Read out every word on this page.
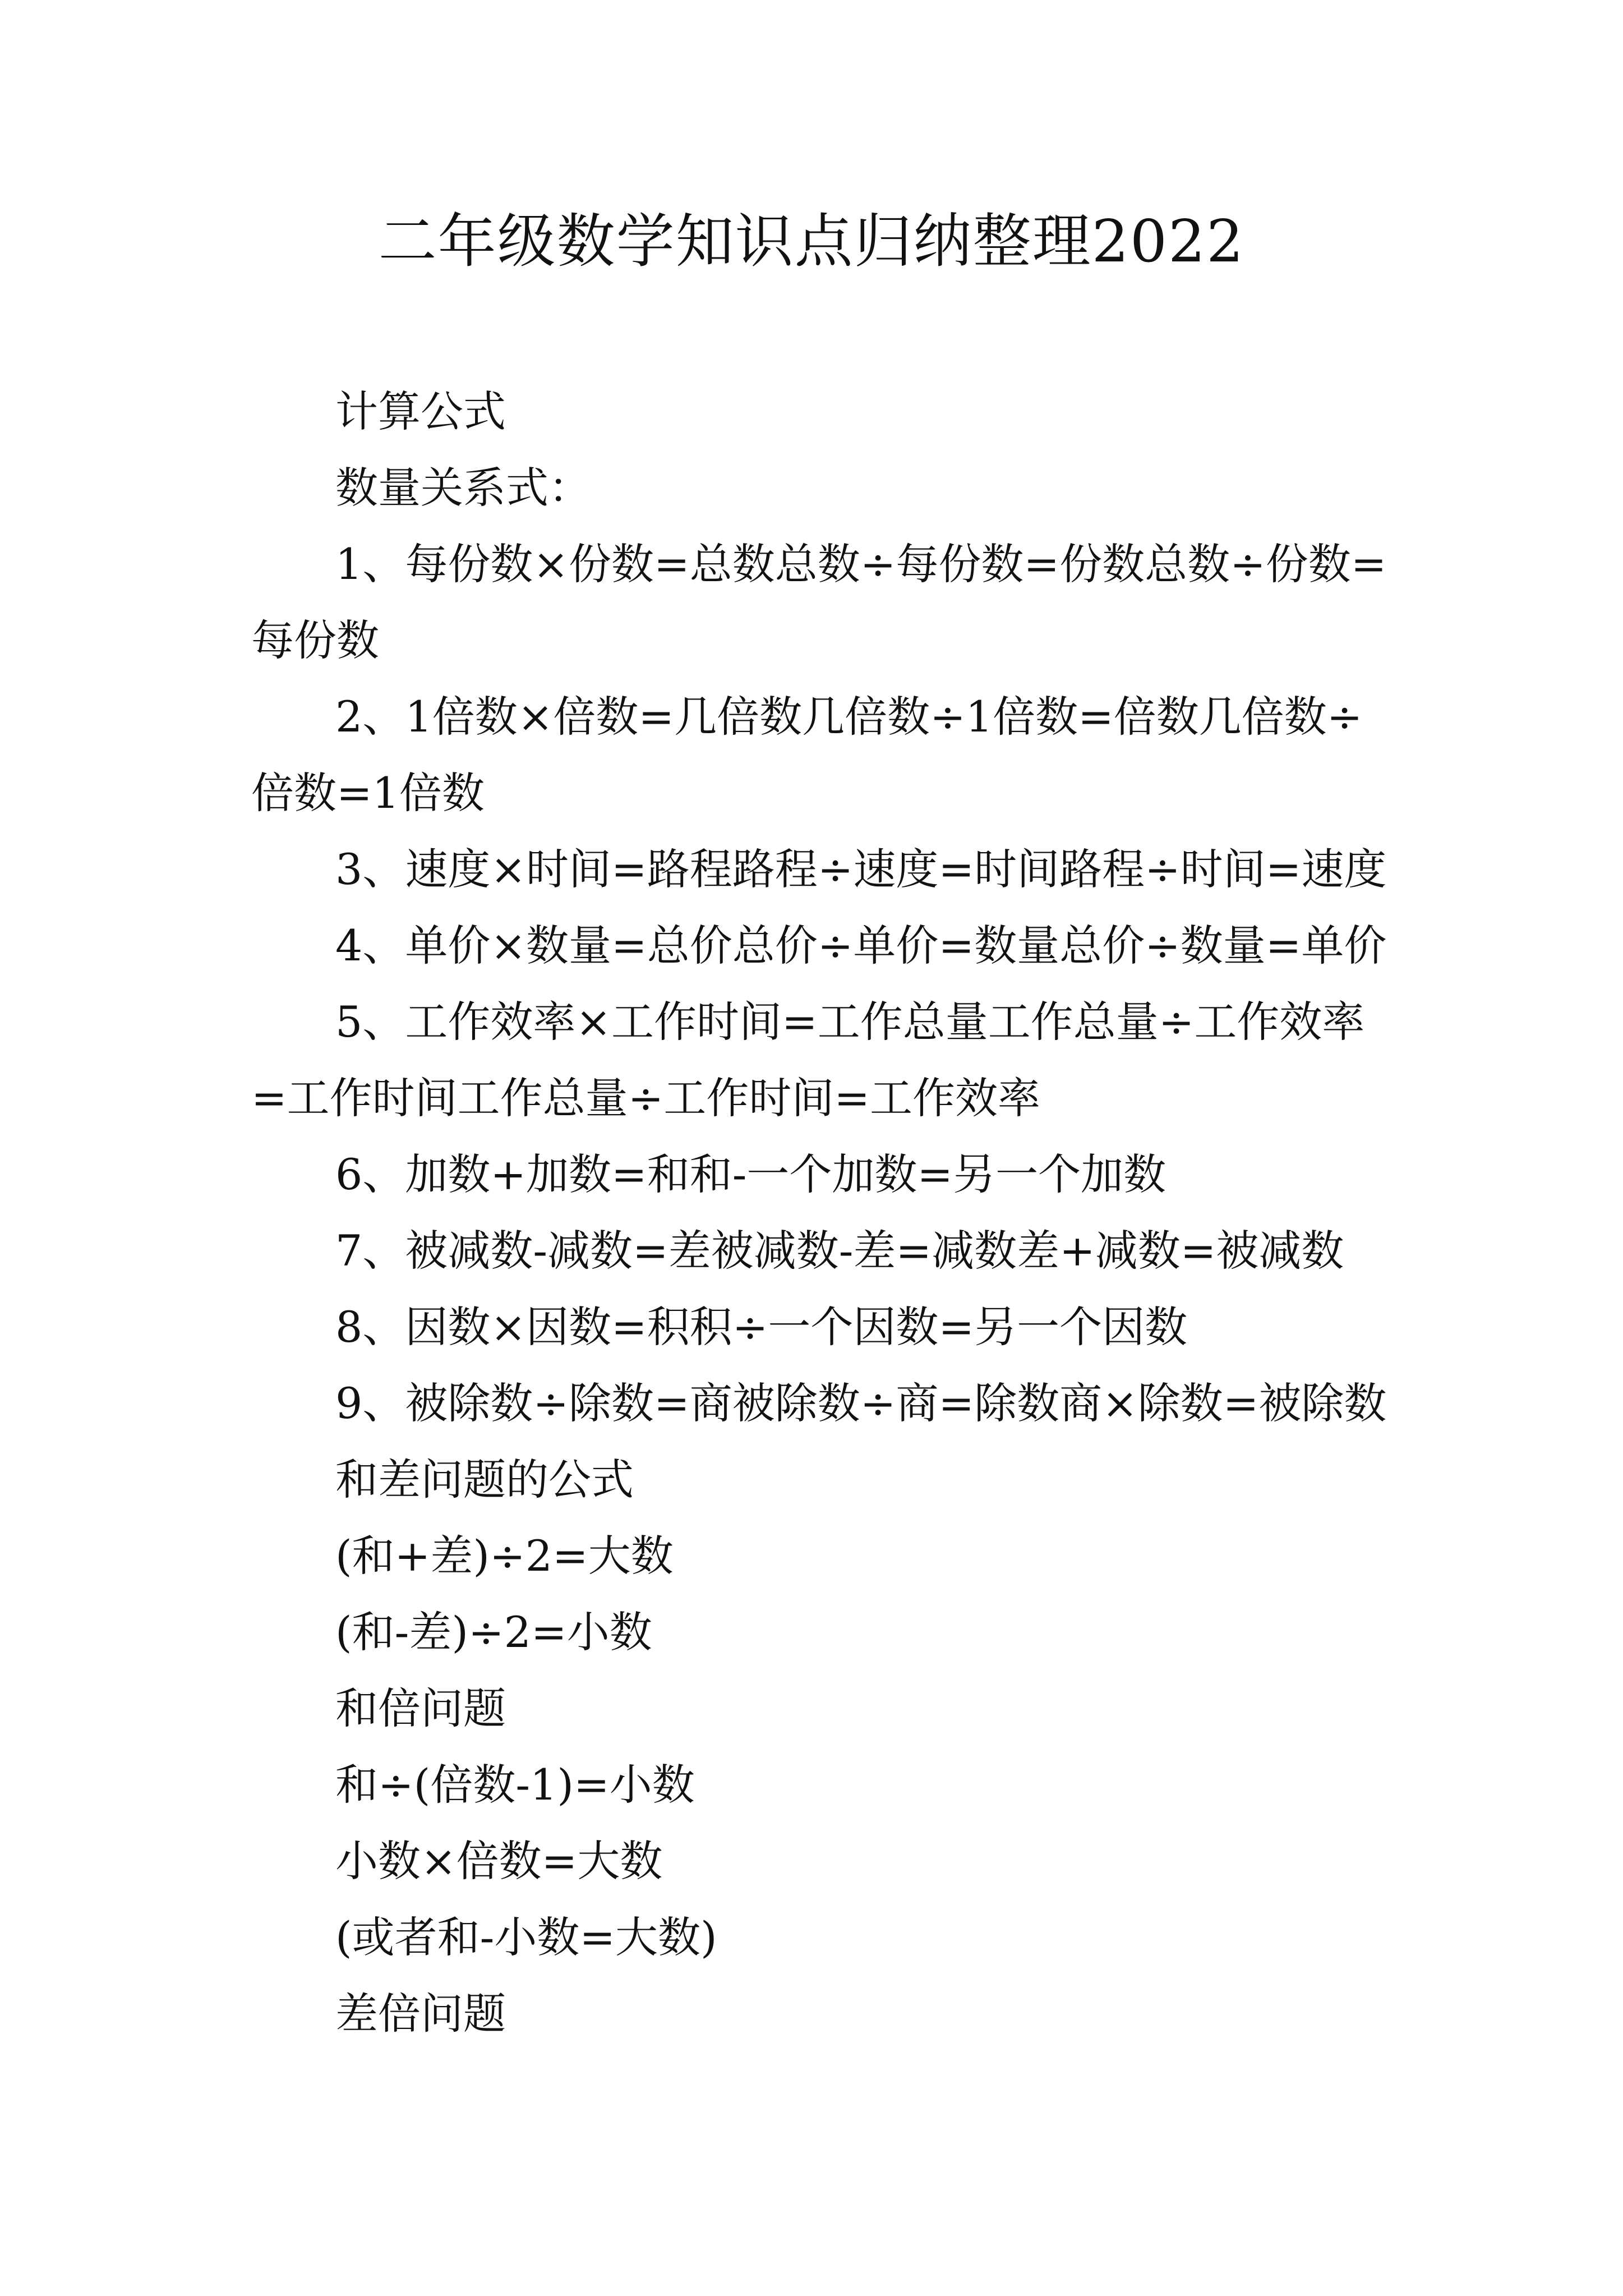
二年级数学知识点归纳整理2022

计算公式

数量关系式：

1、每份数×份数=总数总数÷每份数=份数总数÷份数=每份数

2、1倍数×倍数=几倍数几倍数÷1倍数=倍数几倍数÷倍数=1倍数

3、速度×时间=路程路程÷速度=时间路程÷时间=速度

4、单价×数量=总价总价÷单价=数量总价÷数量=单价

5、工作效率×工作时间=工作总量工作总量÷工作效率=工作时间工作总量÷工作时间=工作效率

6、加数+加数=和和-一个加数=另一个加数

7、被减数-减数=差被减数-差=减数差+减数=被减数

8、因数×因数=积积÷一个因数=另一个因数

9、被除数÷除数=商被除数÷商=除数商×除数=被除数

和差问题的公式

(和+差)÷2=大数

(和-差)÷2=小数

和倍问题

和÷(倍数-1)=小数

小数×倍数=大数

(或者和-小数=大数)

差倍问题
